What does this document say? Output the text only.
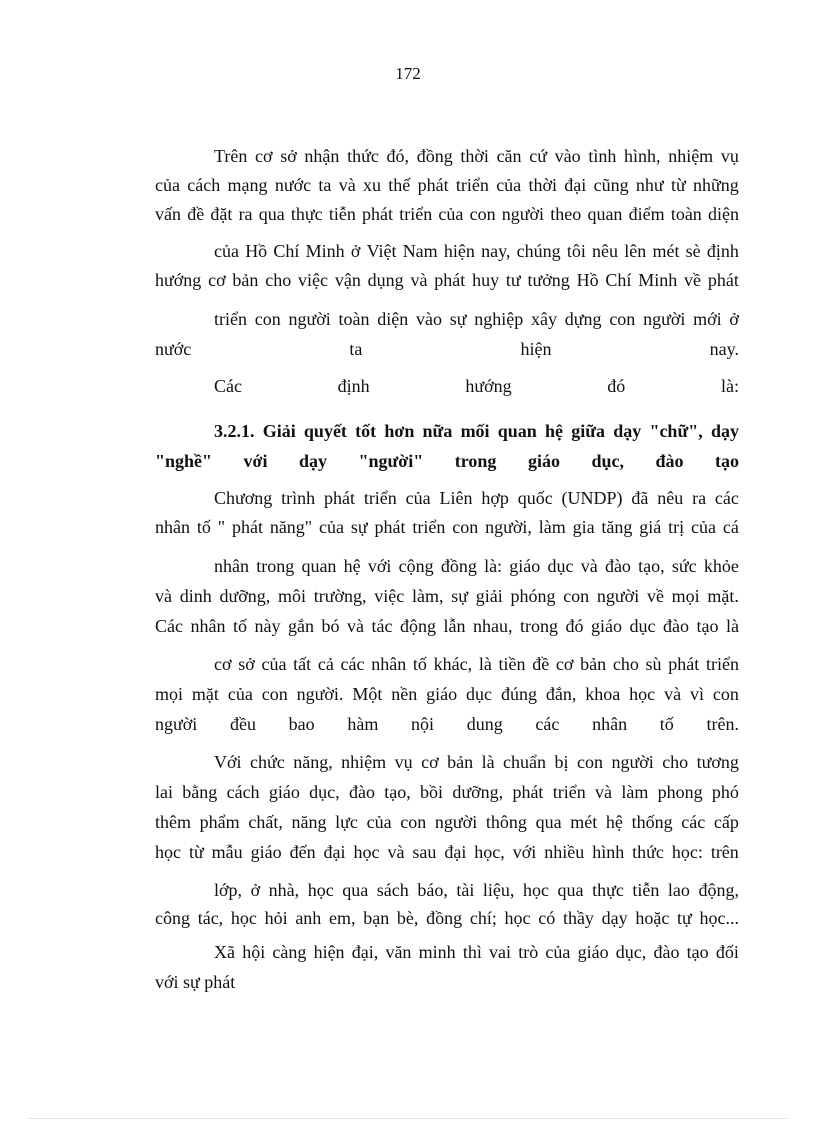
172
Trên cơ sở nhận thức đó, đồng thời căn cứ vào tình hình, nhiệm vụ
của cách mạng nước ta và xu thế phát triển của thời đại cũng như từ những
vấn đề đặt ra qua thực tiễn phát triển của con người theo quan điểm toàn diện
của Hồ Chí Minh ở Việt Nam hiện nay, chúng tôi nêu lên mét sè định
hướng cơ bản cho việc vận dụng và phát huy tư tưởng Hồ Chí Minh về phát
triển con người toàn diện vào sự nghiệp xây dựng con người mới ở
nước	ta	hiện	nay.
Các	định	hướng	đó	là:
3.2.1. Giải quyết tốt hơn nữa mối quan hệ giữa dạy "chữ", dạy
"nghề" với dạy "người" trong giáo dục, đào tạo
Chương trình phát triển của Liên hợp quốc (UNDP) đã nêu ra các
nhân tố " phát năng" của sự phát triển con người, làm gia tăng giá trị của cá
nhân trong quan hệ với cộng đồng là: giáo dục và đào tạo, sức khỏe
và dinh dưỡng, môi trường, việc làm, sự giải phóng con người về mọi mặt.
Các nhân tố này gắn bó và tác động lẫn nhau, trong đó giáo dục đào tạo là
cơ sở của tất cả các nhân tố khác, là tiền đề cơ bản cho sù phát triển
mọi mặt của con người. Một nền giáo dục đúng đắn, khoa học và vì con
người đều bao hàm nội dung các nhân tố trên.
Với chức năng, nhiệm vụ cơ bản là chuẩn bị con người cho tương
lai bằng cách giáo dục, đào tạo, bồi dưỡng, phát triển và làm phong phó
thêm phẩm chất, năng lực của con người thông qua mét hệ thống các cấp
học từ mẫu giáo đến đại học và sau đại học, với nhiều hình thức học: trên
lớp, ở nhà, học qua sách báo, tài liệu, học qua thực tiễn lao động,
công tác, học hỏi anh em, bạn bè, đồng chí; học có thầy dạy hoặc tự học...
Xã hội càng hiện đại, văn minh thì vai trò của giáo dục, đào tạo đối
với sự phát
